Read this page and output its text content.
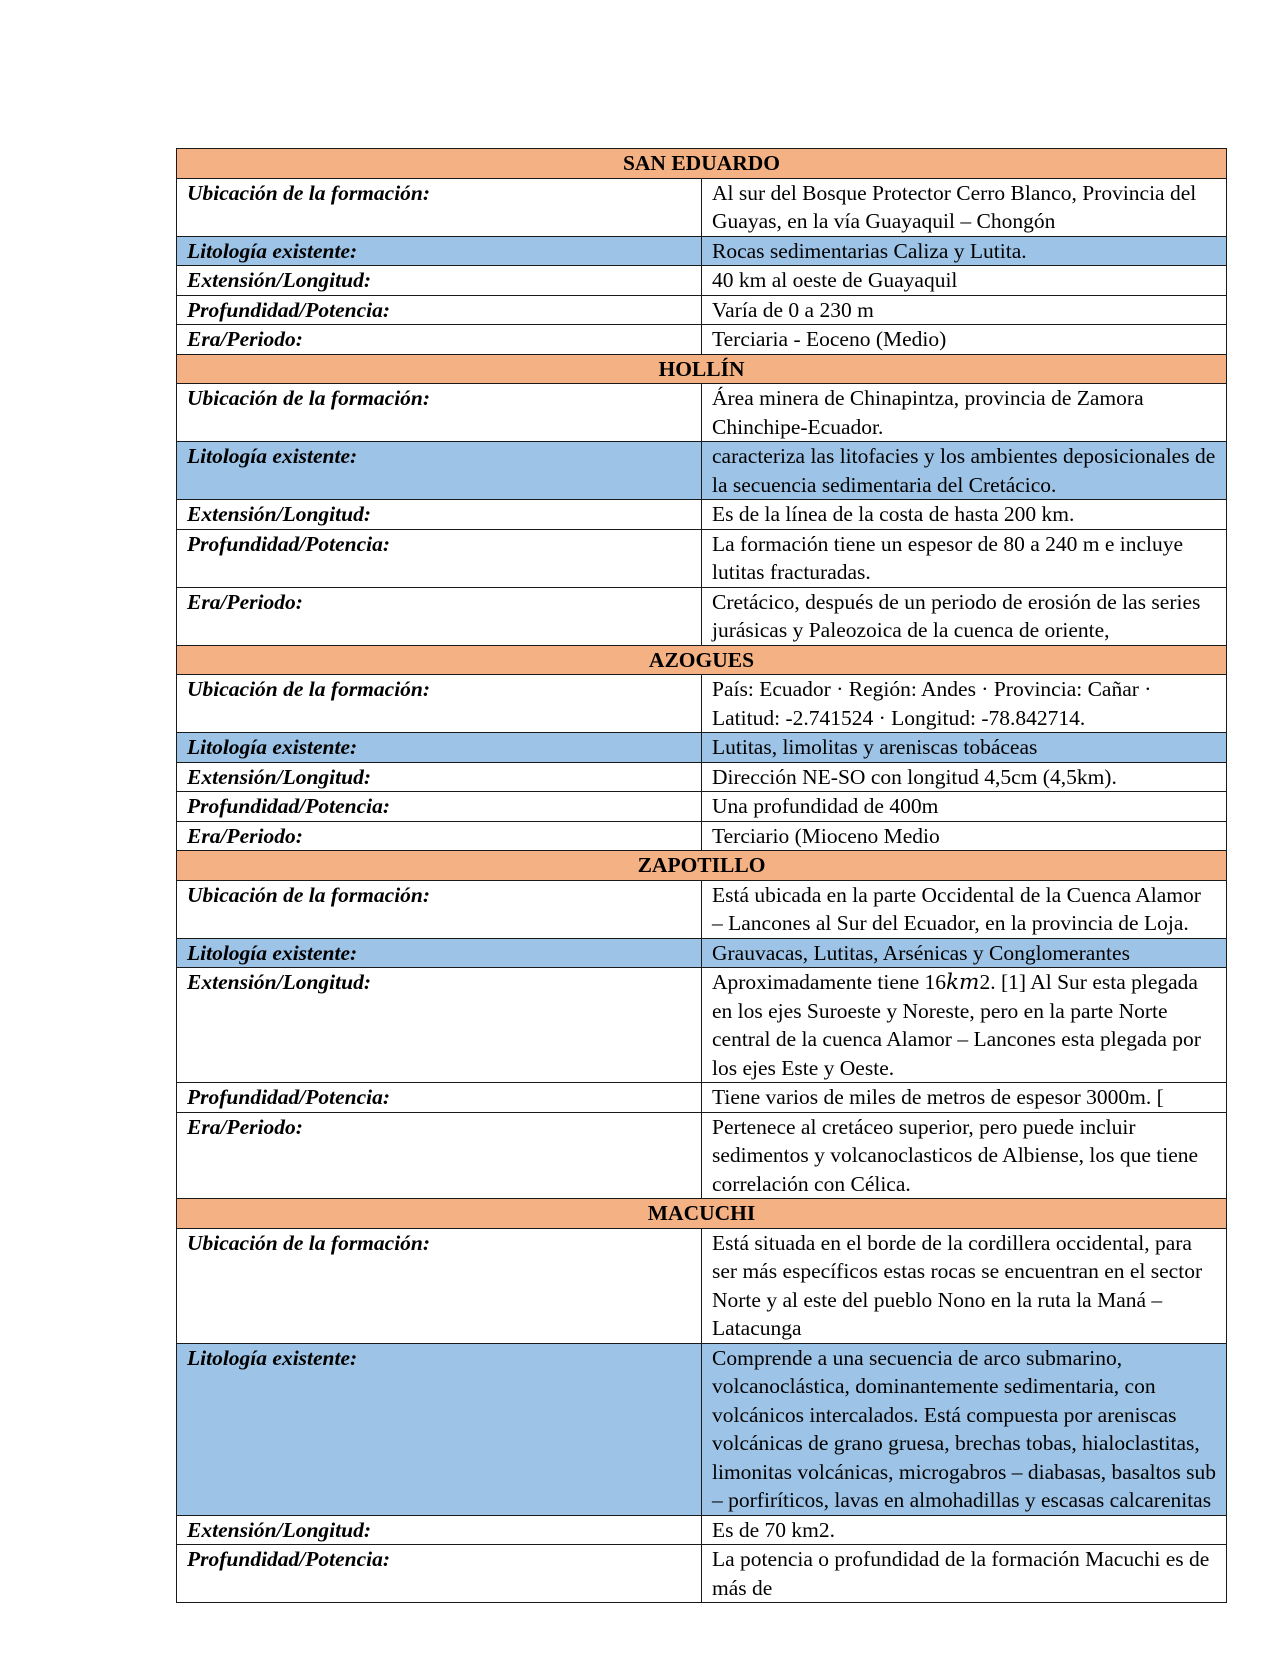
SAN EDUARDO	
Ubicación de la formación:	Al sur del Bosque Protector Cerro Blanco, Provincia del Guayas, en la vía Guayaquil – Chongón
Litología existente:	Rocas sedimentarias Caliza y Lutita.
Extensión/Longitud:	40 km al oeste de Guayaquil
Profundidad/Potencia:	Varía de 0 a 230 m
Era/Periodo:	Terciaria - Eoceno (Medio)
HOLLÍN	
Ubicación de la formación:	Área minera de Chinapintza, provincia de Zamora Chinchipe-Ecuador.
Litología existente:	caracteriza las litofacies y los ambientes deposicionales de la secuencia sedimentaria del Cretácico.
Extensión/Longitud:	Es de la línea de la costa de hasta 200 km.
Profundidad/Potencia:	La formación tiene un espesor de 80 a 240 m e incluye lutitas fracturadas.
Era/Periodo:	Cretácico, después de un periodo de erosión de las series jurásicas y Paleozoica de la cuenca de oriente,
AZOGUES	
Ubicación de la formación:	País: Ecuador · Región: Andes · Provincia: Cañar · Latitud: -2.741524 · Longitud: -78.842714.
Litología existente:	Lutitas, limolitas y areniscas tobáceas
Extensión/Longitud:	Dirección NE-SO con longitud 4,5cm (4,5km).
Profundidad/Potencia:	Una profundidad de 400m
Era/Periodo:	Terciario (Mioceno Medio
ZAPOTILLO	
Ubicación de la formación:	Está ubicada en la parte Occidental de la Cuenca Alamor – Lancones al Sur del Ecuador, en la provincia de Loja.
Litología existente:	Grauvacas, Lutitas, Arsénicas y Conglomerantes
Extensión/Longitud:	Aproximadamente tiene 16𝑘𝑚2. [1] Al Sur esta plegada en los ejes Suroeste y Noreste, pero en la parte Norte central de la cuenca Alamor – Lancones esta plegada por los ejes Este y Oeste.
Profundidad/Potencia:	Tiene varios de miles de metros de espesor 3000m. [
Era/Periodo:	Pertenece al cretáceo superior, pero puede incluir sedimentos y volcanoclasticos de Albiense, los que tiene correlación con Célica.
MACUCHI	
Ubicación de la formación:	Está situada en el borde de la cordillera occidental, para ser más específicos estas rocas se encuentran en el sector Norte y al este del pueblo Nono en la ruta la Maná – Latacunga
Litología existente:	Comprende a una secuencia de arco submarino, volcanoclástica, dominantemente sedimentaria, con volcánicos intercalados. Está compuesta por areniscas volcánicas de grano gruesa, brechas tobas, hialoclastitas, limonitas volcánicas, microgabros – diabasas, basaltos sub – porfiríticos, lavas en almohadillas y escasas calcarenitas
Extensión/Longitud:	Es de 70 km2.
Profundidad/Potencia:	La potencia o profundidad de la formación Macuchi es de más de
